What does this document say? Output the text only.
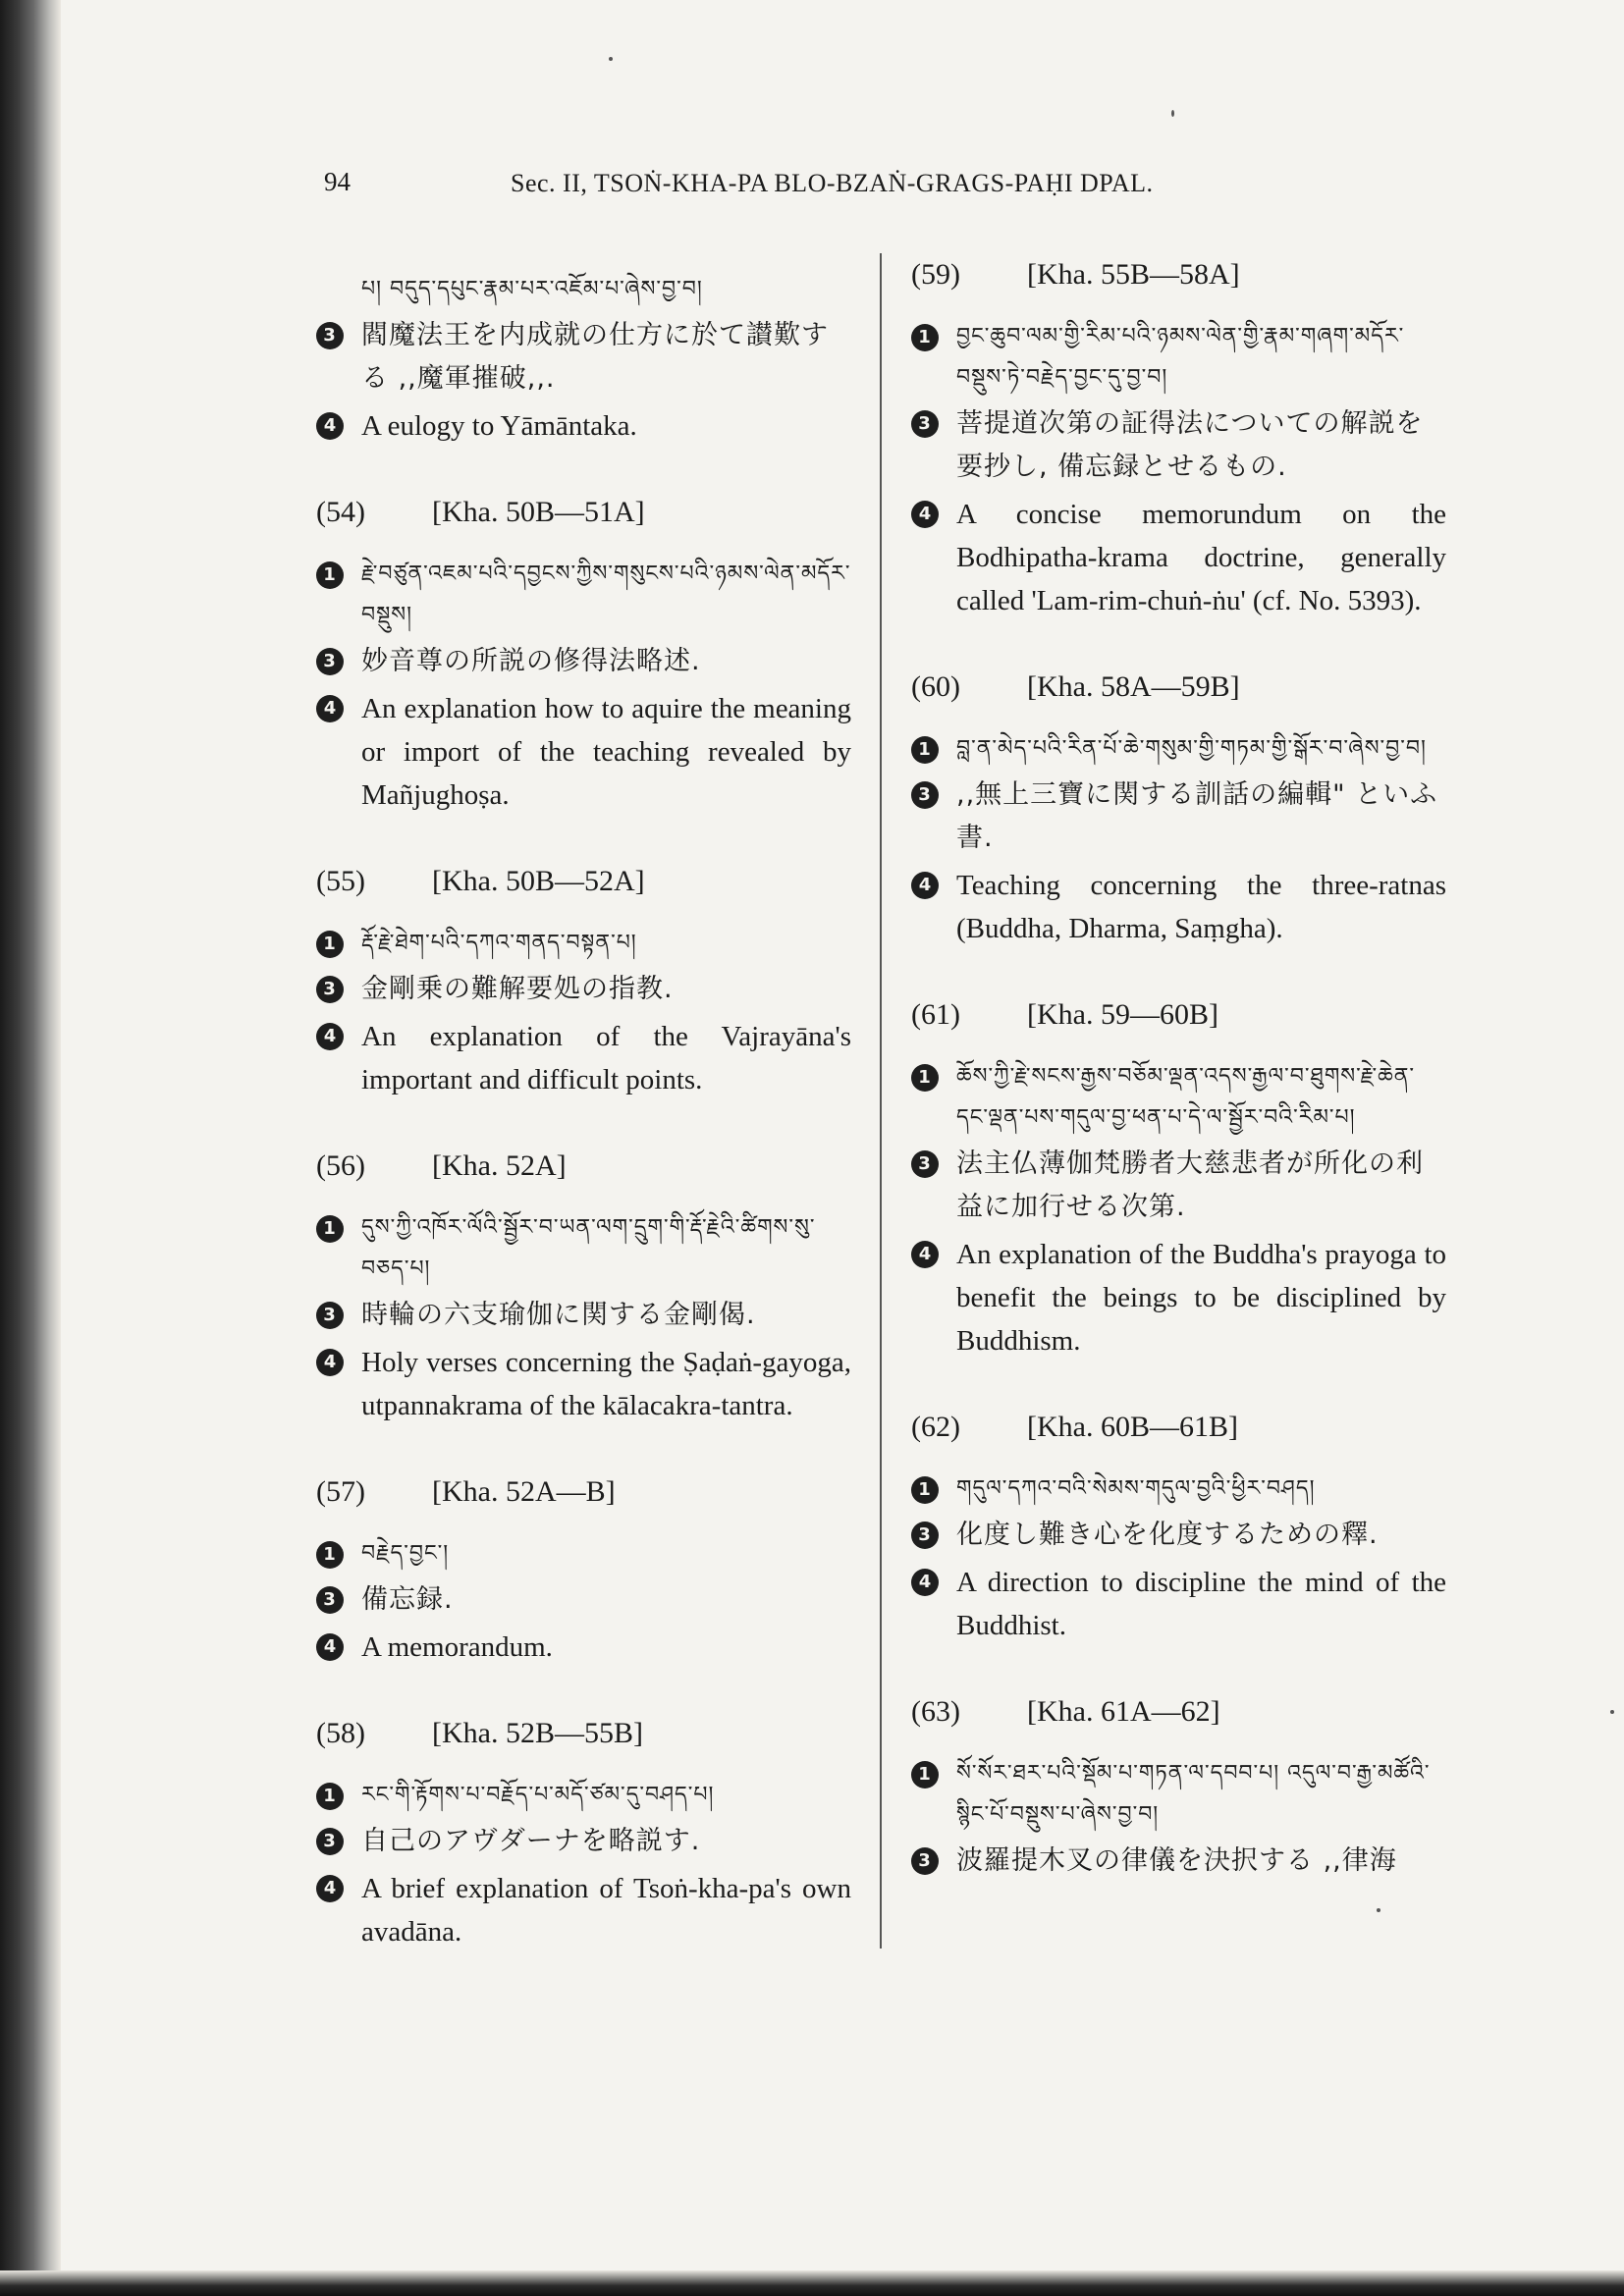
94	Sec. II, TSOṄ-KHA-PA BLO-BZAṄ-GRAGS-PAḤI DPAL.
པ། བདུད་དཔུང་རྣམ་པར་འཇོམ་པ་ཞེས་བྱ་བ།
3 閻魔法王を内成就の仕方に於て讃歎する ,,魔軍摧破,,.
4 A eulogy to Yāmāntaka.
(54) [Kha. 50B—51A]
1	རྗེ་བཙུན་འཇམ་པའི་དབྱངས་ཀྱིས་གསུངས་པའི་ཉམས་ལེན་མདོར་བསྡུས།
3 妙音尊の所説の修得法略述.
4 An explanation how to aquire the meaning or import of the teaching revealed by Mañjughoṣa.
(55) [Kha. 50B—52A]
1	རྡོ་རྗེ་ཐེག་པའི་དཀའ་གནད་བསྟན་པ།
3 金剛乗の難解要処の指教.
4 An explanation of the Vajrayāna's important and difficult points.
(56) [Kha. 52A]
1	དུས་ཀྱི་འཁོར་ལོའི་སྦྱོར་བ་ཡན་ལག་དྲུག་གི་རྡོ་རྗེའི་ཚིགས་སུ་བཅད་པ།
3 時輪の六支瑜伽に関する金剛偈.
4 Holy verses concerning the Ṣaḍaṅ-gayoga, utpannakrama of the kālacakra-tantra.
(57) [Kha. 52A—B]
1	བརྗེད་བྱང་།
3 備忘録.
4 A memorandum.
(58) [Kha. 52B—55B]
1	རང་གི་རྟོགས་པ་བརྗོད་པ་མདོ་ཙམ་དུ་བཤད་པ།
3 自己のアヴダーナを略説す.
4 A brief explanation of Tsoṅ-kha-pa's own avadāna.
(59) [Kha. 55B—58A]
1	བྱང་ཆུབ་ལམ་གྱི་རིམ་པའི་ཉམས་ལེན་གྱི་རྣམ་གཞག་མདོར་བསྡུས་ཏེ་བརྗེད་བྱང་དུ་བྱ་བ།
3 菩提道次第の証得法についての解説を要抄し, 備忘録とせるもの.
4 A concise memorundum on the Bodhipatha-krama doctrine, generally called 'Lam-rim-chuṅ-ṅu' (cf. No. 5393).
(60) [Kha. 58A—59B]
1	བླ་ན་མེད་པའི་རིན་པོ་ཆེ་གསུམ་གྱི་གཏམ་གྱི་སྒོར་བ་ཞེས་བྱ་བ།
3 ,,無上三寶に関する訓話の編輯" といふ書.
4 Teaching concerning the three-ratnas (Buddha, Dharma, Saṃgha).
(61) [Kha. 59—60B]
1	ཆོས་ཀྱི་རྗེ་སངས་རྒྱས་བཅོམ་ལྡན་འདས་རྒྱལ་བ་ཐུགས་རྗེ་ཆེན་དང་ལྡན་པས་གདུལ་བྱ་ཕན་པ་དེ་ལ་སྦྱོར་བའི་རིམ་པ།
3 法主仏薄伽梵勝者大慈悲者が所化の利益に加行せる次第.
4 An explanation of the Buddha's prayoga to benefit the beings to be disciplined by Buddhism.
(62) [Kha. 60B—61B]
1	གདུལ་དཀའ་བའི་སེམས་གདུལ་བྱའི་ཕྱིར་བཤད།
3 化度し難き心を化度するための釋.
4 A direction to discipline the mind of the Buddhist.
(63) [Kha. 61A—62]
1	སོ་སོར་ཐར་པའི་སྡོམ་པ་གཏན་ལ་དབབ་པ། འདུལ་བ་རྒྱ་མཚོའི་སྙིང་པོ་བསྡུས་པ་ཞེས་བྱ་བ།
3 波羅提木叉の律儀を決択する ,,律海
